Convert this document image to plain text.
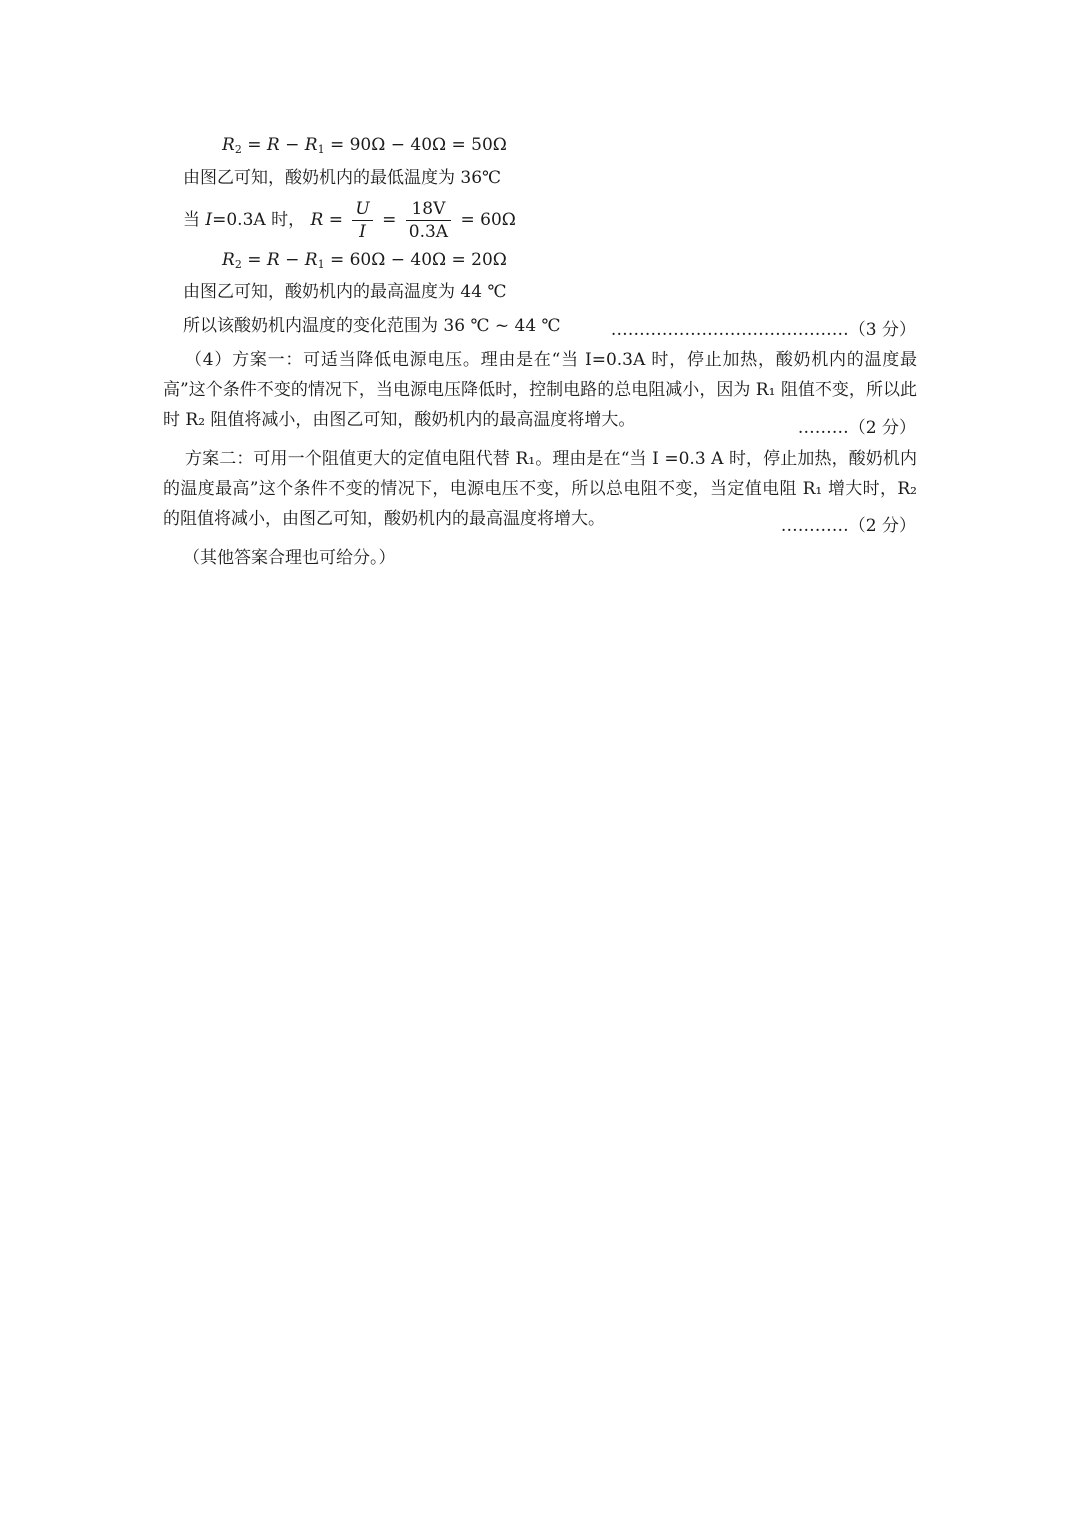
$R_2 = R - R_1 = 90\Omega - 40\Omega = 50\Omega$
由图乙可知，酸奶机内的最低温度为 36℃
当 I=0.3A 时， $R = \frac{U}{I} = \frac{18V}{0.3A} = 60\Omega$
$R_2 = R - R_1 = 60\Omega - 40\Omega = 20\Omega$
由图乙可知，酸奶机内的最高温度为 44 ℃
所以该酸奶机内温度的变化范围为 36 ℃ ~ 44 ℃	……………………………………（3 分）
（4）方案一：可适当降低电源电压。理由是在“当 I=0.3A 时，停止加热，酸奶机内的温度最高”这个条件不变的情况下，当电源电压降低时，控制电路的总电阻减小，因为 R₁ 阻值不变，所以此时 R₂ 阻值将减小，由图乙可知，酸奶机内的最高温度将增大。	………（2 分）
方案二：可用一个阻值更大的定值电阻代替 R₁。理由是在“当 I =0.3 A 时，停止加热，酸奶机内的温度最高”这个条件不变的情况下，电源电压不变，所以总电阻不变，当定值电阻 R₁ 增大时，R₂ 的阻值将减小，由图乙可知，酸奶机内的最高温度将增大。	…………（2 分）
（其他答案合理也可给分。）
